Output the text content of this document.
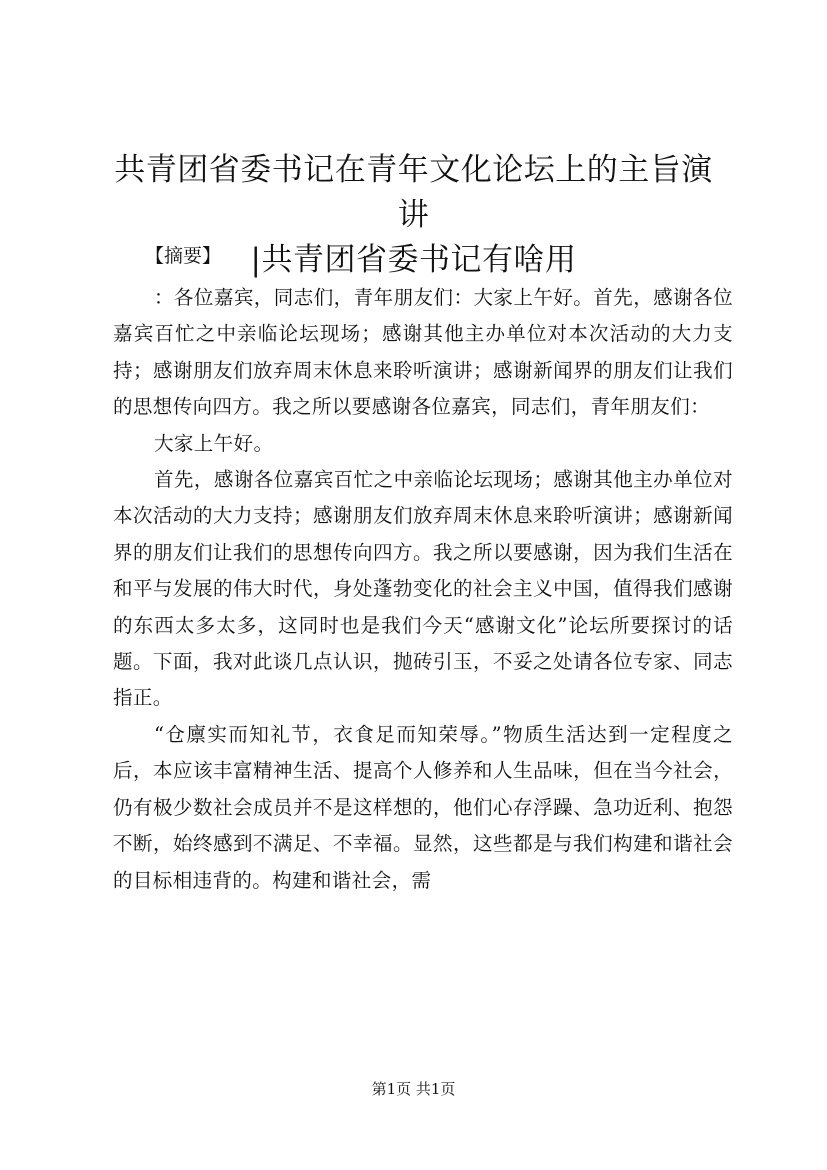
共青团省委书记在青年文化论坛上的主旨演讲
|共青团省委书记有啥用
【摘要】

：各位嘉宾，同志们，青年朋友们：大家上午好。首先，感谢各位嘉宾百忙之中亲临论坛现场；感谢其他主办单位对本次活动的大力支持；感谢朋友们放弃周末休息来聆听演讲；感谢新闻界的朋友们让我们的思想传向四方。我之所以要感谢各位嘉宾，同志们，青年朋友们：

大家上午好。

首先，感谢各位嘉宾百忙之中亲临论坛现场；感谢其他主办单位对本次活动的大力支持；感谢朋友们放弃周末休息来聆听演讲；感谢新闻界的朋友们让我们的思想传向四方。我之所以要感谢，因为我们生活在和平与发展的伟大时代，身处蓬勃变化的社会主义中国，值得我们感谢的东西太多太多，这同时也是我们今天“感谢文化”论坛所要探讨的话题。下面，我对此谈几点认识，抛砖引玉，不妥之处请各位专家、同志指正。

“仓廪实而知礼节，衣食足而知荣辱。”物质生活达到一定程度之后，本应该丰富精神生活、提高个人修养和人生品味，但在当今社会，仍有极少数社会成员并不是这样想的，他们心存浮躁、急功近利、抱怨不断，始终感到不满足、不幸福。显然，这些都是与我们构建和谐社会的目标相违背的。构建和谐社会，需

第1页 共1页
